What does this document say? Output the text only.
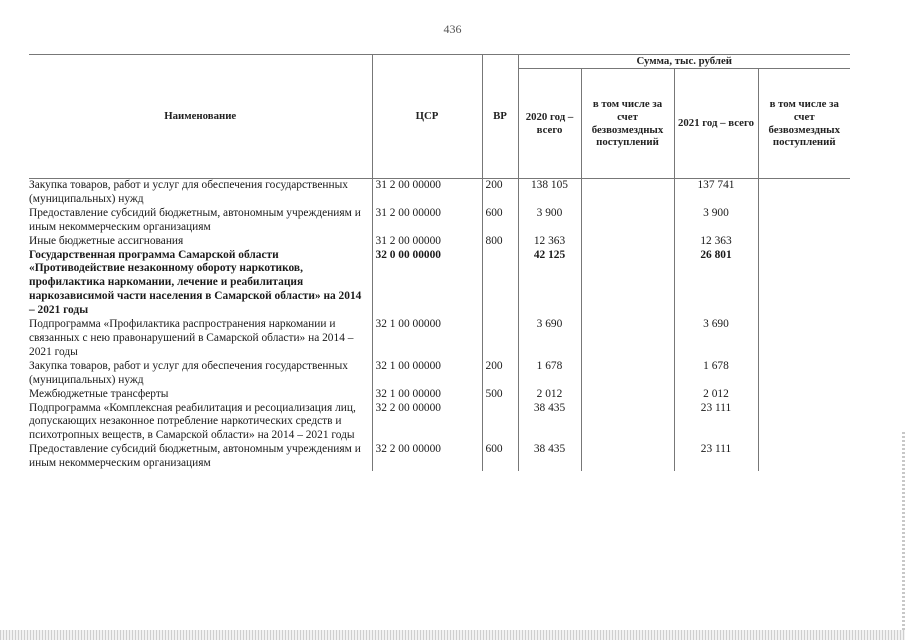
436
Наименование	ЦСР	ВР	Сумма, тыс. рублей			
			2020 год – всего	в том числе за счет безвозмездных поступлений	2021 год – всего	в том числе за счет безвозмездных поступлений
Закупка товаров, работ и услуг для обеспечения государственных (муниципальных) нужд	31 2 00 00000	200	138 105		137 741	
Предоставление субсидий бюджетным, автономным учреждениям и иным некоммерческим организациям	31 2 00 00000	600	3 900		3 900	
Иные бюджетные ассигнования	31 2 00 00000	800	12 363		12 363	
Государственная программа Самарской области «Противодействие незаконному обороту наркотиков, профилактика наркомании, лечение и реабилитация наркозависимой части населения в Самарской области» на 2014 – 2021 годы	32 0 00 00000		42 125		26 801	
Подпрограмма «Профилактика распространения наркомании и связанных с нею правонарушений в Самарской области» на 2014 – 2021 годы	32 1 00 00000		3 690		3 690	
Закупка товаров, работ и услуг для обеспечения государственных (муниципальных) нужд	32 1 00 00000	200	1 678		1 678	
Межбюджетные трансферты	32 1 00 00000	500	2 012		2 012	
Подпрограмма «Комплексная реабилитация и ресоциализация лиц, допускающих незаконное потребление наркотических средств и психотропных веществ, в Самарской области» на 2014 – 2021 годы	32 2 00 00000		38 435		23 111	
Предоставление субсидий бюджетным, автономным учреждениям и иным некоммерческим организациям	32 2 00 00000	600	38 435		23 111	
